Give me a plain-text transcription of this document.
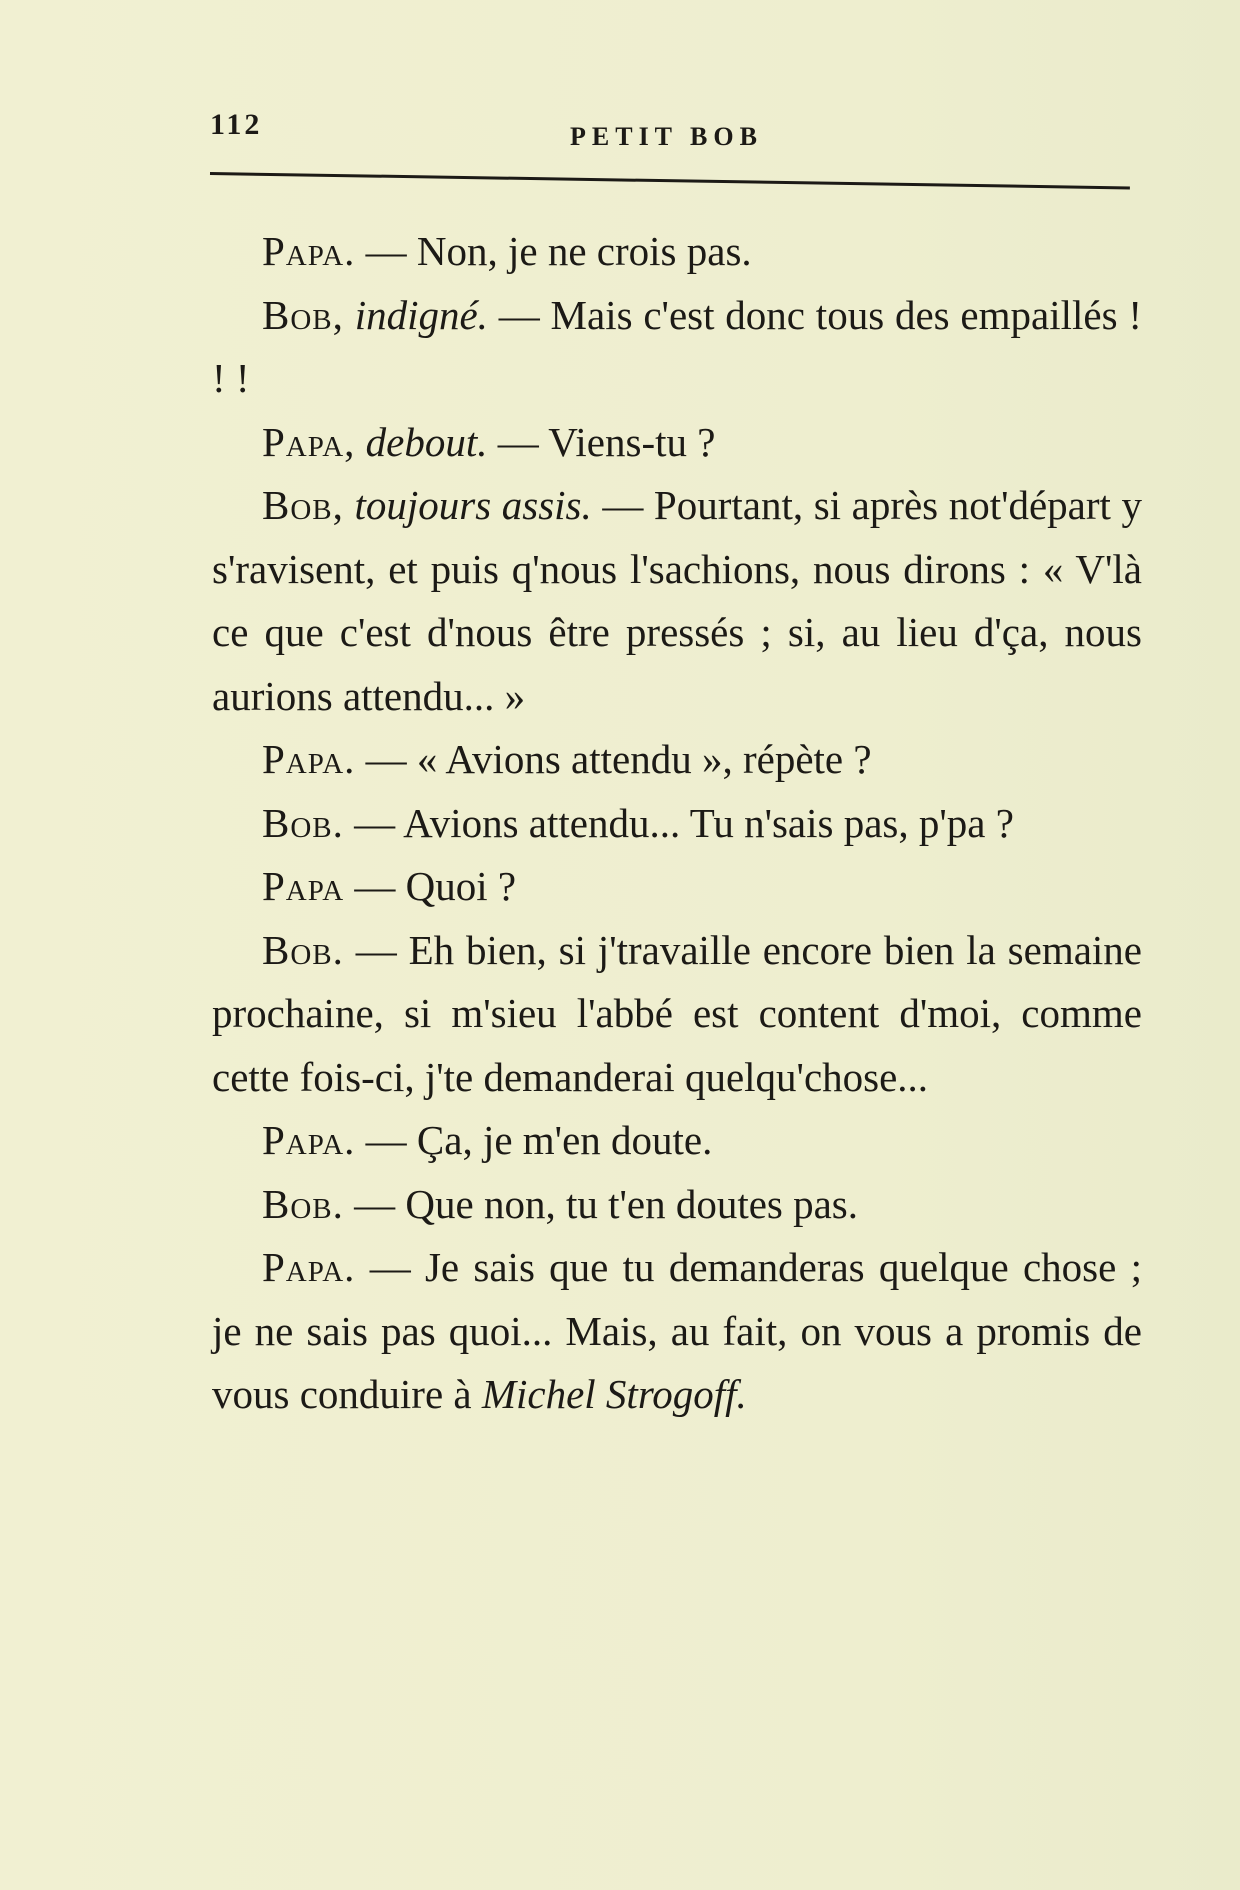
112	PETIT BOB

Papa. — Non, je ne crois pas.

Bob, indigné. — Mais c'est donc tous des empaillés ! ! !

Papa, debout. — Viens-tu ?

Bob, toujours assis. — Pourtant, si après not'départ y s'ravisent, et puis q'nous l'sachions, nous dirons : « V'là ce que c'est d'nous être pressés ; si, au lieu d'ça, nous aurions attendu... »

Papa. — « Avions attendu », répète ?

Bob. — Avions attendu... Tu n'sais pas, p'pa ?

Papa — Quoi ?

Bob. — Eh bien, si j'travaille encore bien la semaine prochaine, si m'sieu l'abbé est content d'moi, comme cette fois-ci, j'te demanderai quelqu'chose...

Papa. — Ça, je m'en doute.

Bob. — Que non, tu t'en doutes pas.

Papa. — Je sais que tu demanderas quelque chose ; je ne sais pas quoi... Mais, au fait, on vous a promis de vous conduire à Michel Strogoff.
